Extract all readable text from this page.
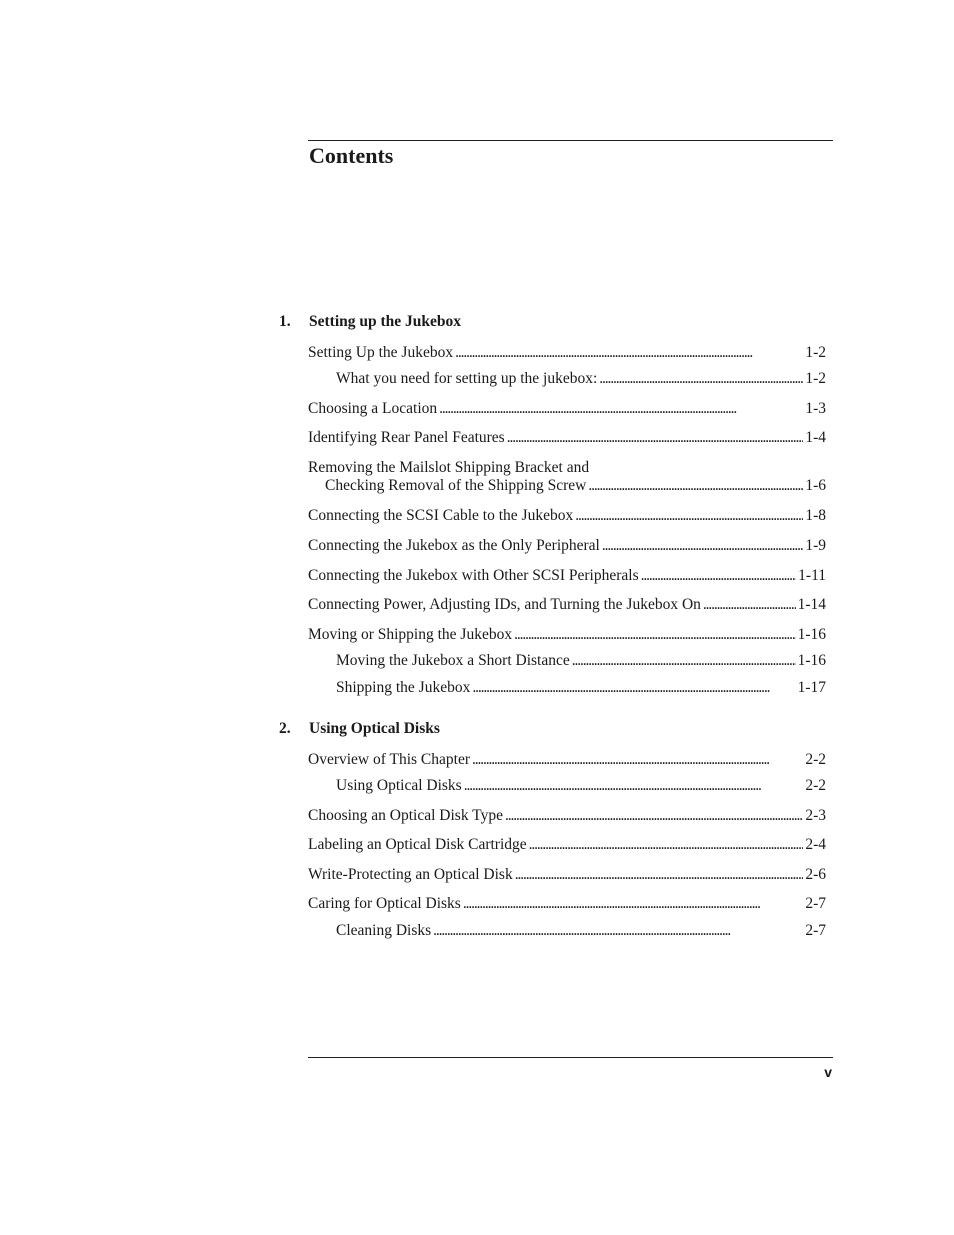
Contents
1. Setting up the Jukebox
Setting Up the Jukebox . . .	1-2
What you need for setting up the jukebox: . . .	1-2
Choosing a Location . . .	1-3
Identifying Rear Panel Features . . .	1-4
Removing the Mailslot Shipping Bracket and
Checking Removal of the Shipping Screw . . .	1-6
Connecting the SCSI Cable to the Jukebox . . .	1-8
Connecting the Jukebox as the Only Peripheral . . .	1-9
Connecting the Jukebox with Other SCSI Peripherals . . .	1-11
Connecting Power, Adjusting IDs, and Turning the Jukebox On . . .	1-14
Moving or Shipping the Jukebox . . .	1-16
Moving the Jukebox a Short Distance . . .	1-16
Shipping the Jukebox . . .	1-17
2. Using Optical Disks
Overview of This Chapter . . .	2-2
Using Optical Disks . . .	2-2
Choosing an Optical Disk Type . . .	2-3
Labeling an Optical Disk Cartridge . . .	2-4
Write-Protecting an Optical Disk . . .	2-6
Caring for Optical Disks . . .	2-7
Cleaning Disks . . .	2-7
v
